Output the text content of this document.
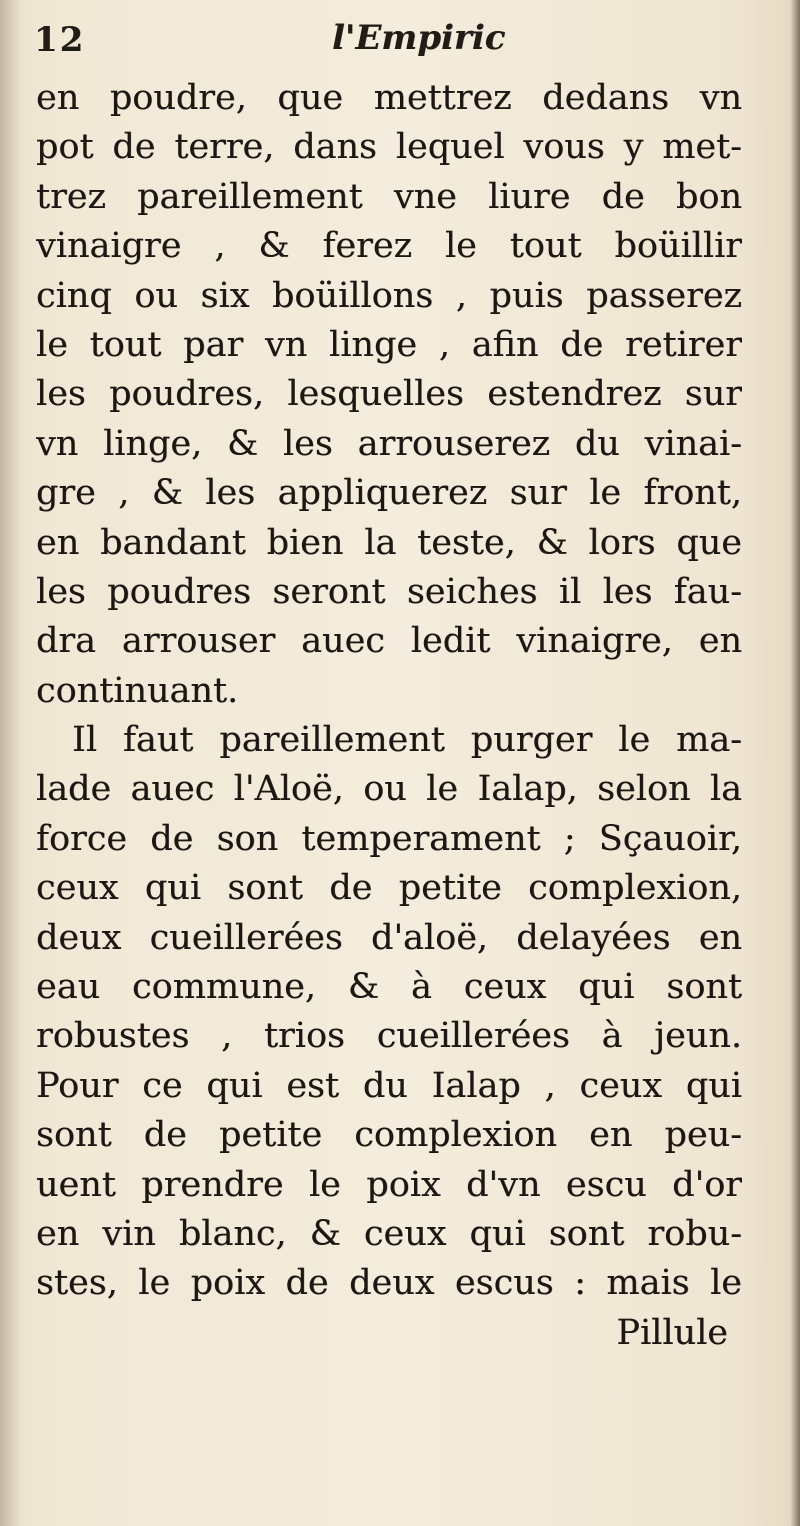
12	l'Empiric
en poudre, que mettrez dedans vn
pot de terre, dans lequel vous y met-
trez pareillement vne liure de bon
vinaigre , & ferez le tout boüillir
cinq ou six boüillons , puis passerez
le tout par vn linge , afin de retirer
les poudres, lesquelles estendrez sur
vn linge, & les arrouserez du vinai-
gre , & les appliquerez sur le front,
en bandant bien la teste, & lors que
les poudres seront seiches il les fau-
dra arrouser auec ledit vinaigre, en
continuant.
Il faut pareillement purger le ma-
lade auec l'Aloë, ou le Ialap, selon la
force de son temperament ; Sçauoir,
ceux qui sont de petite complexion,
deux cueillerées d'aloë, delayées en
eau commune, & à ceux qui sont
robustes , trios cueillerées à jeun.
Pour ce qui est du Ialap , ceux qui
sont de petite complexion en peu-
uent prendre le poix d'vn escu d'or
en vin blanc, & ceux qui sont robu-
stes, le poix de deux escus : mais le
Pillule
